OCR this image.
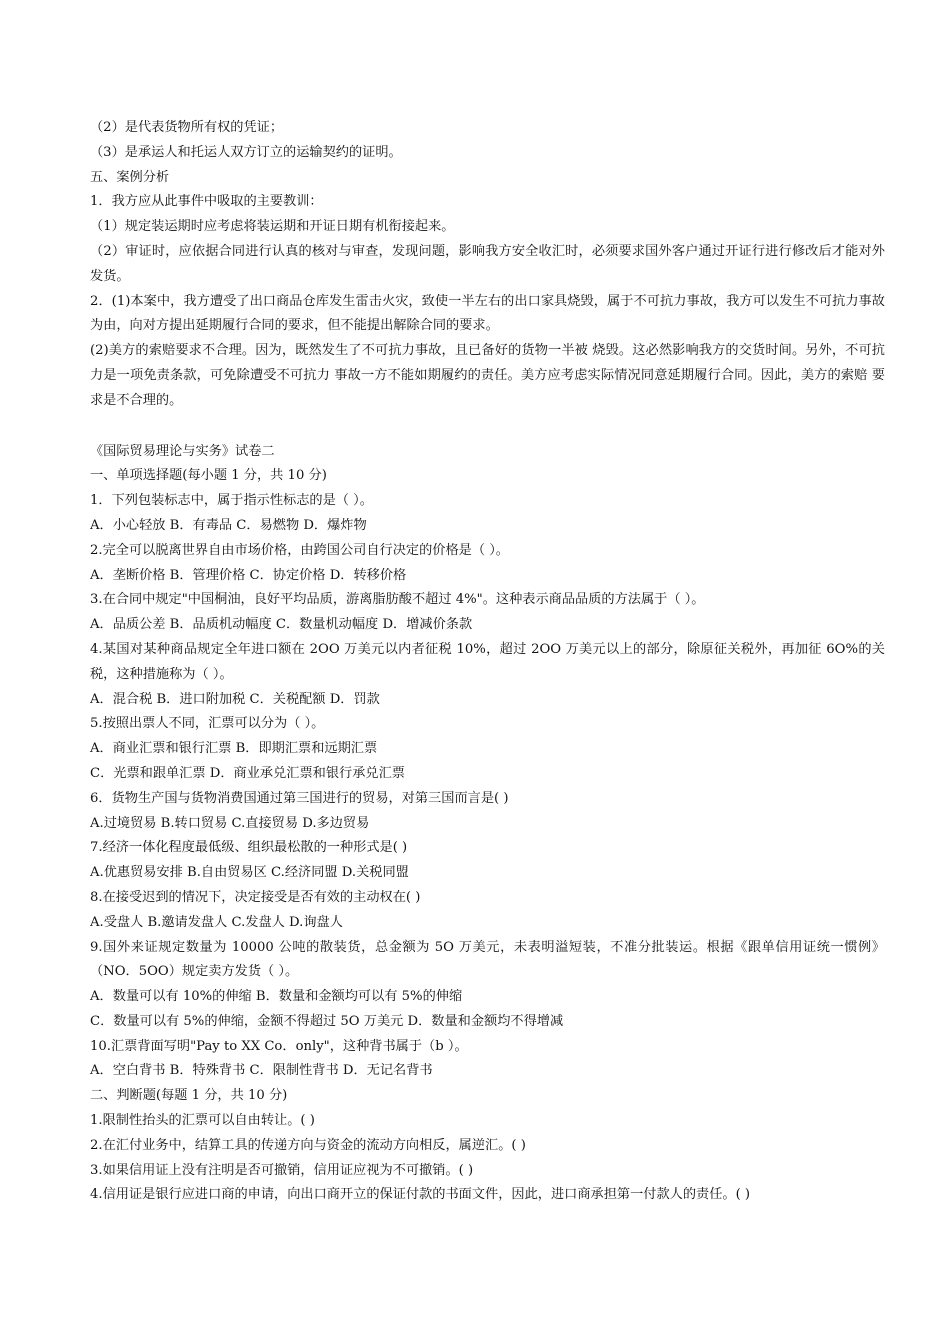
（2）是代表货物所有权的凭证；
（3）是承运人和托运人双方订立的运输契约的证明。
五、案例分析
1．我方应从此事件中吸取的主要教训：
（1）规定装运期时应考虑将装运期和开证日期有机衔接起来。
（2）审证时，应依据合同进行认真的核对与审查，发现问题，影响我方安全收汇时，必须要求国外客户通过开证行进行修改后才能对外发货。
2．(1)本案中，我方遭受了出口商品仓库发生雷击火灾，致使一半左右的出口家具烧毁，属于不可抗力事故，我方可以发生不可抗力事故为由，向对方提出延期履行合同的要求，但不能提出解除合同的要求。
(2)美方的索赔要求不合理。因为，既然发生了不可抗力事故，且已备好的货物一半被 烧毁。这必然影响我方的交货时间。另外，不可抗力是一项免责条款，可免除遭受不可抗力 事故一方不能如期履约的责任。美方应考虑实际情况同意延期履行合同。因此，美方的索赔 要求是不合理的。
《国际贸易理论与实务》试卷二
一、单项选择题(每小题 1 分，共 10 分)
1．下列包装标志中，属于指示性标志的是（ ）。
A．小心轻放 B．有毒品 C．易燃物 D．爆炸物
2.完全可以脱离世界自由市场价格，由跨国公司自行决定的价格是（ ）。
A．垄断价格 B．管理价格 C．协定价格 D．转移价格
3.在合同中规定"中国桐油，良好平均品质，游离脂肪酸不超过 4%"。这种表示商品品质的方法属于（ ）。
A．品质公差 B．品质机动幅度 C．数量机动幅度 D．增减价条款
4.某国对某种商品规定全年进口额在 2OO 万美元以内者征税 10%，超过 2OO 万美元以上的部分，除原征关税外，再加征 6O%的关税，这种措施称为（ ）。
A．混合税 B．进口附加税 C．关税配额 D．罚款
5.按照出票人不同，汇票可以分为（ ）。
A．商业汇票和银行汇票 B．即期汇票和远期汇票
C．光票和跟单汇票 D．商业承兑汇票和银行承兑汇票
6．货物生产国与货物消费国通过第三国进行的贸易，对第三国而言是( )
A.过境贸易 B.转口贸易 C.直接贸易 D.多边贸易
7.经济一体化程度最低级、组织最松散的一种形式是( )
A.优惠贸易安排 B.自由贸易区 C.经济同盟 D.关税同盟
8.在接受迟到的情况下，决定接受是否有效的主动权在( )
A.受盘人 B.邀请发盘人 C.发盘人 D.询盘人
9.国外来证规定数量为 10000 公吨的散装货，总金额为 5O 万美元，未表明溢短装，不准分批装运。根据《跟单信用证统一惯例》（NO．5OO）规定卖方发货（ ）。
A．数量可以有 10%的伸缩 B．数量和金额均可以有 5%的伸缩
C．数量可以有 5%的伸缩，金额不得超过 5O 万美元 D．数量和金额均不得增减
10.汇票背面写明"Pay to XX Co．only"，这种背书属于（b ）。
A．空白背书 B．特殊背书 C．限制性背书 D．无记名背书
二、判断题(每题 1 分，共 10 分)
1.限制性抬头的汇票可以自由转让。( )
2.在汇付业务中，结算工具的传递方向与资金的流动方向相反，属逆汇。( )
3.如果信用证上没有注明是否可撤销，信用证应视为不可撤销。( )
4.信用证是银行应进口商的申请，向出口商开立的保证付款的书面文件，因此，进口商承担第一付款人的责任。( )
